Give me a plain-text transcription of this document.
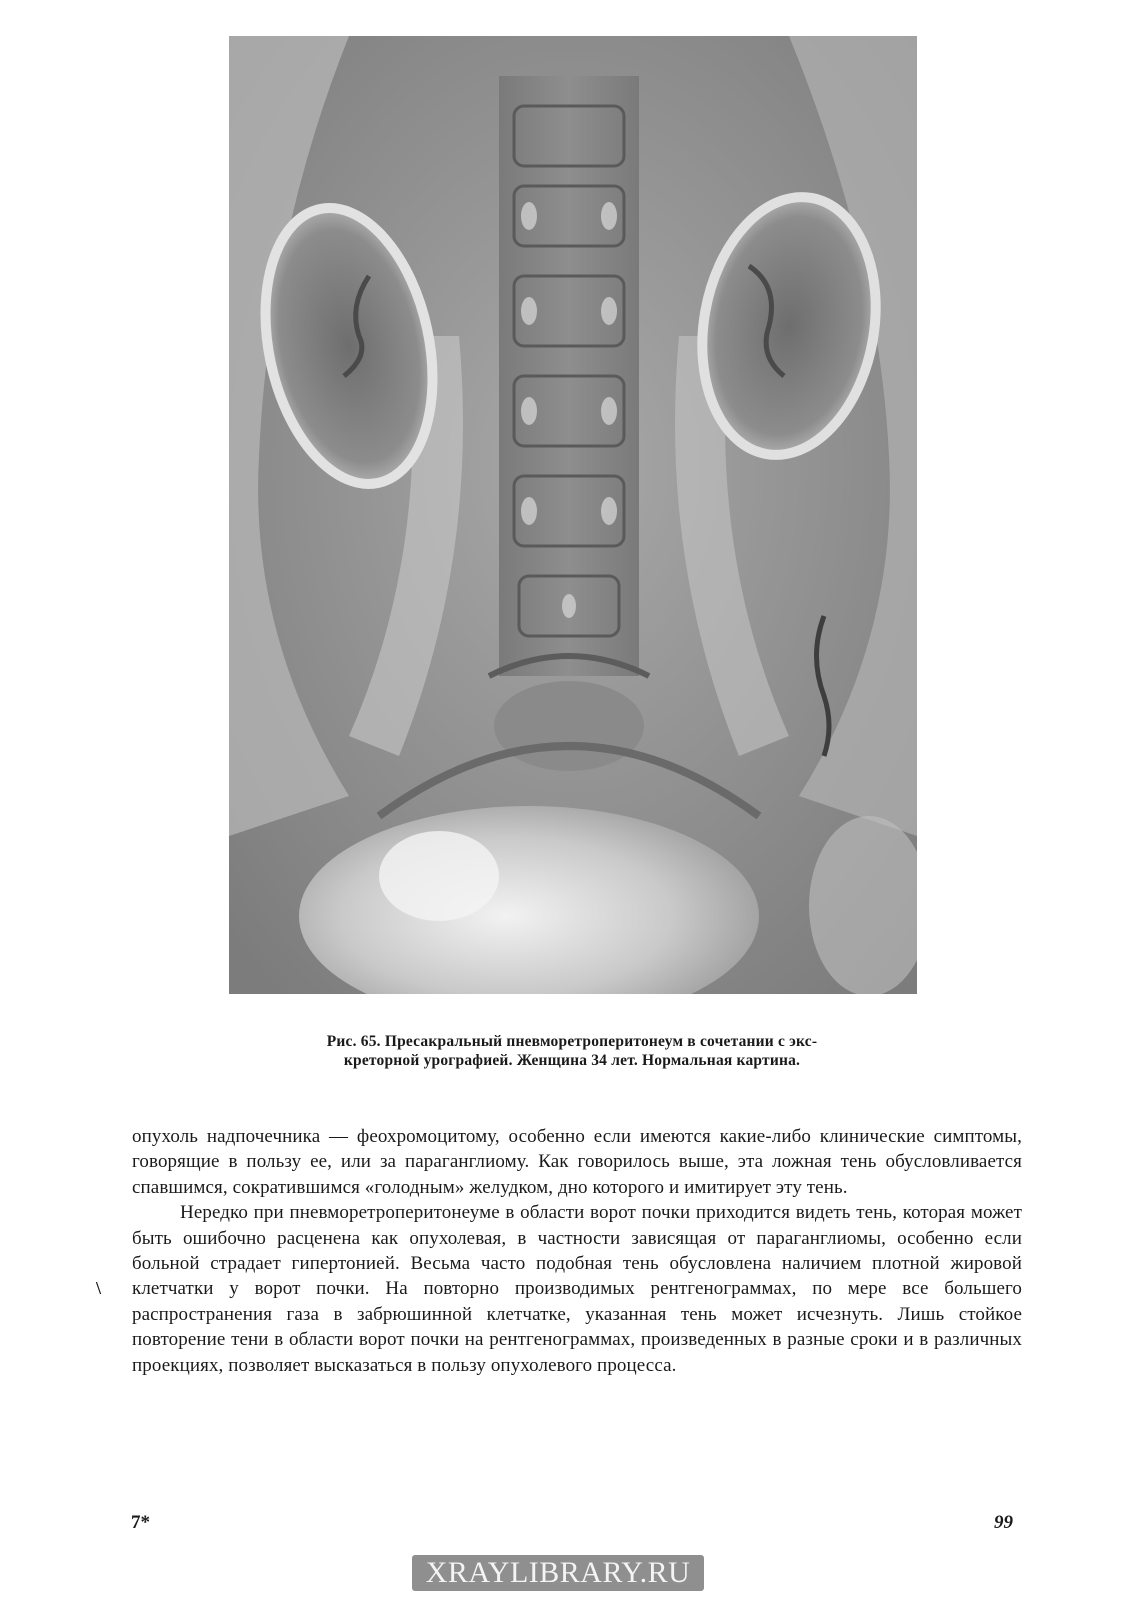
Рис. 65. Пресакральный пневморетроперитонеум в сочетании с экс-
креторной урографией. Женщина 34 лет. Нормальная картина.
\

опухоль надпочечника — феохромоцитому, особенно если имеются какие-либо клинические симптомы, говорящие в пользу ее, или за параганглиому. Как говорилось выше, эта ложная тень обусловливается спавшимся, сократившимся «голодным» желудком, дно которого и имитирует эту тень.

Нередко при пневморетроперитонеуме в области ворот почки приходится видеть тень, которая может быть ошибочно расценена как опухолевая, в частности зависящая от параганглиомы, особенно если больной страдает гипертонией. Весьма часто подобная тень обусловлена наличием плотной жировой клетчатки у ворот почки. На повторно производимых рентгенограммах, по мере все большего распространения газа в забрюшинной клетчатке, указанная тень может исчезнуть. Лишь стойкое повторение тени в области ворот почки на рентгенограммах, произведенных в разные сроки и в различных проекциях, позволяет высказаться в пользу опухолевого процесса.

7*	99
XRAYLIBRARY.RU
